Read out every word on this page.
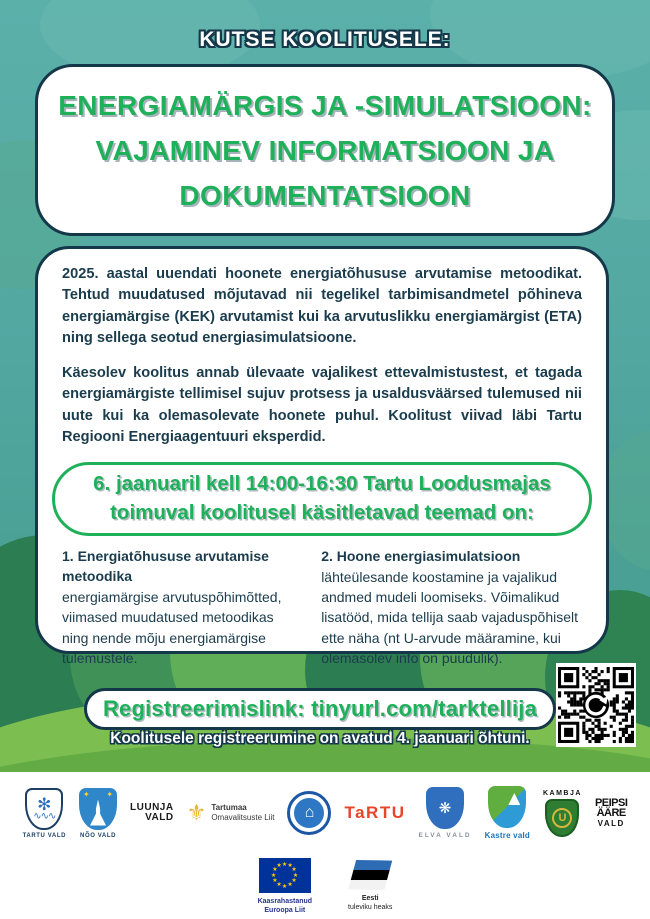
KUTSE KOOLITUSELE:
ENERGIAMÄRGIS JA -SIMULATSIOON:
VAJAMINEV INFORMATSIOON JA
DOKUMENTATSIOON

2025. aastal uuendati hoonete energiatõhususe arvutamise metoodikat. Tehtud muudatused mõjutavad nii tegelikel tarbimisandmetel põhineva energiamärgise (KEK) arvutamist kui ka arvutuslikku energiamärgist (ETA) ning sellega seotud energiasimulatsioone.

Käesolev koolitus annab ülevaate vajalikest ettevalmistustest, et tagada energiamärgiste tellimisel sujuv protsess ja usaldusväärsed tulemused nii uute kui ka olemasolevate hoonete puhul. Koolitust viivad läbi Tartu Regiooni Energiaagentuuri eksperdid.

6. jaanuaril kell 14:00-16:30 Tartu Loodusmajas
toimuval koolitusel käsitletavad teemad on:

1. Energiatõhususe arvutamise metoodika

energiamärgise arvutuspõhimõtted, viimased muudatused metoodikas ning nende mõju energiamärgise tulemustele.

2. Hoone energiasimulatsioon

lähteülesande koostamine ja vajalikud andmed mudeli loomiseks. Võimalikud lisatööd, mida tellija saab vajaduspõhiselt ette näha (nt U-arvude määramine, kui olemasolev info on puudulik).

Registreerimislink: tinyurl.com/tarktellija
Koolitusele registreerumine on avatud 4. jaanuari õhtuni.
✻
∿∿∿
TARTU VALD
✦ ✦
NÕO VALD
LUUNJA
VALD ⚜ Tartumaa
Omavalitsuste Liit	⌂	TaRTU ❋
ELVA VALD Kastre vald
KAMBJA
U
PEIPSI
ÄÄRE
VALD
★ ★
★
★
★
★
★
★
★
★
★
★
Kaasrahastanud
Euroopa Liit
Eesti
tuleviku heaks
